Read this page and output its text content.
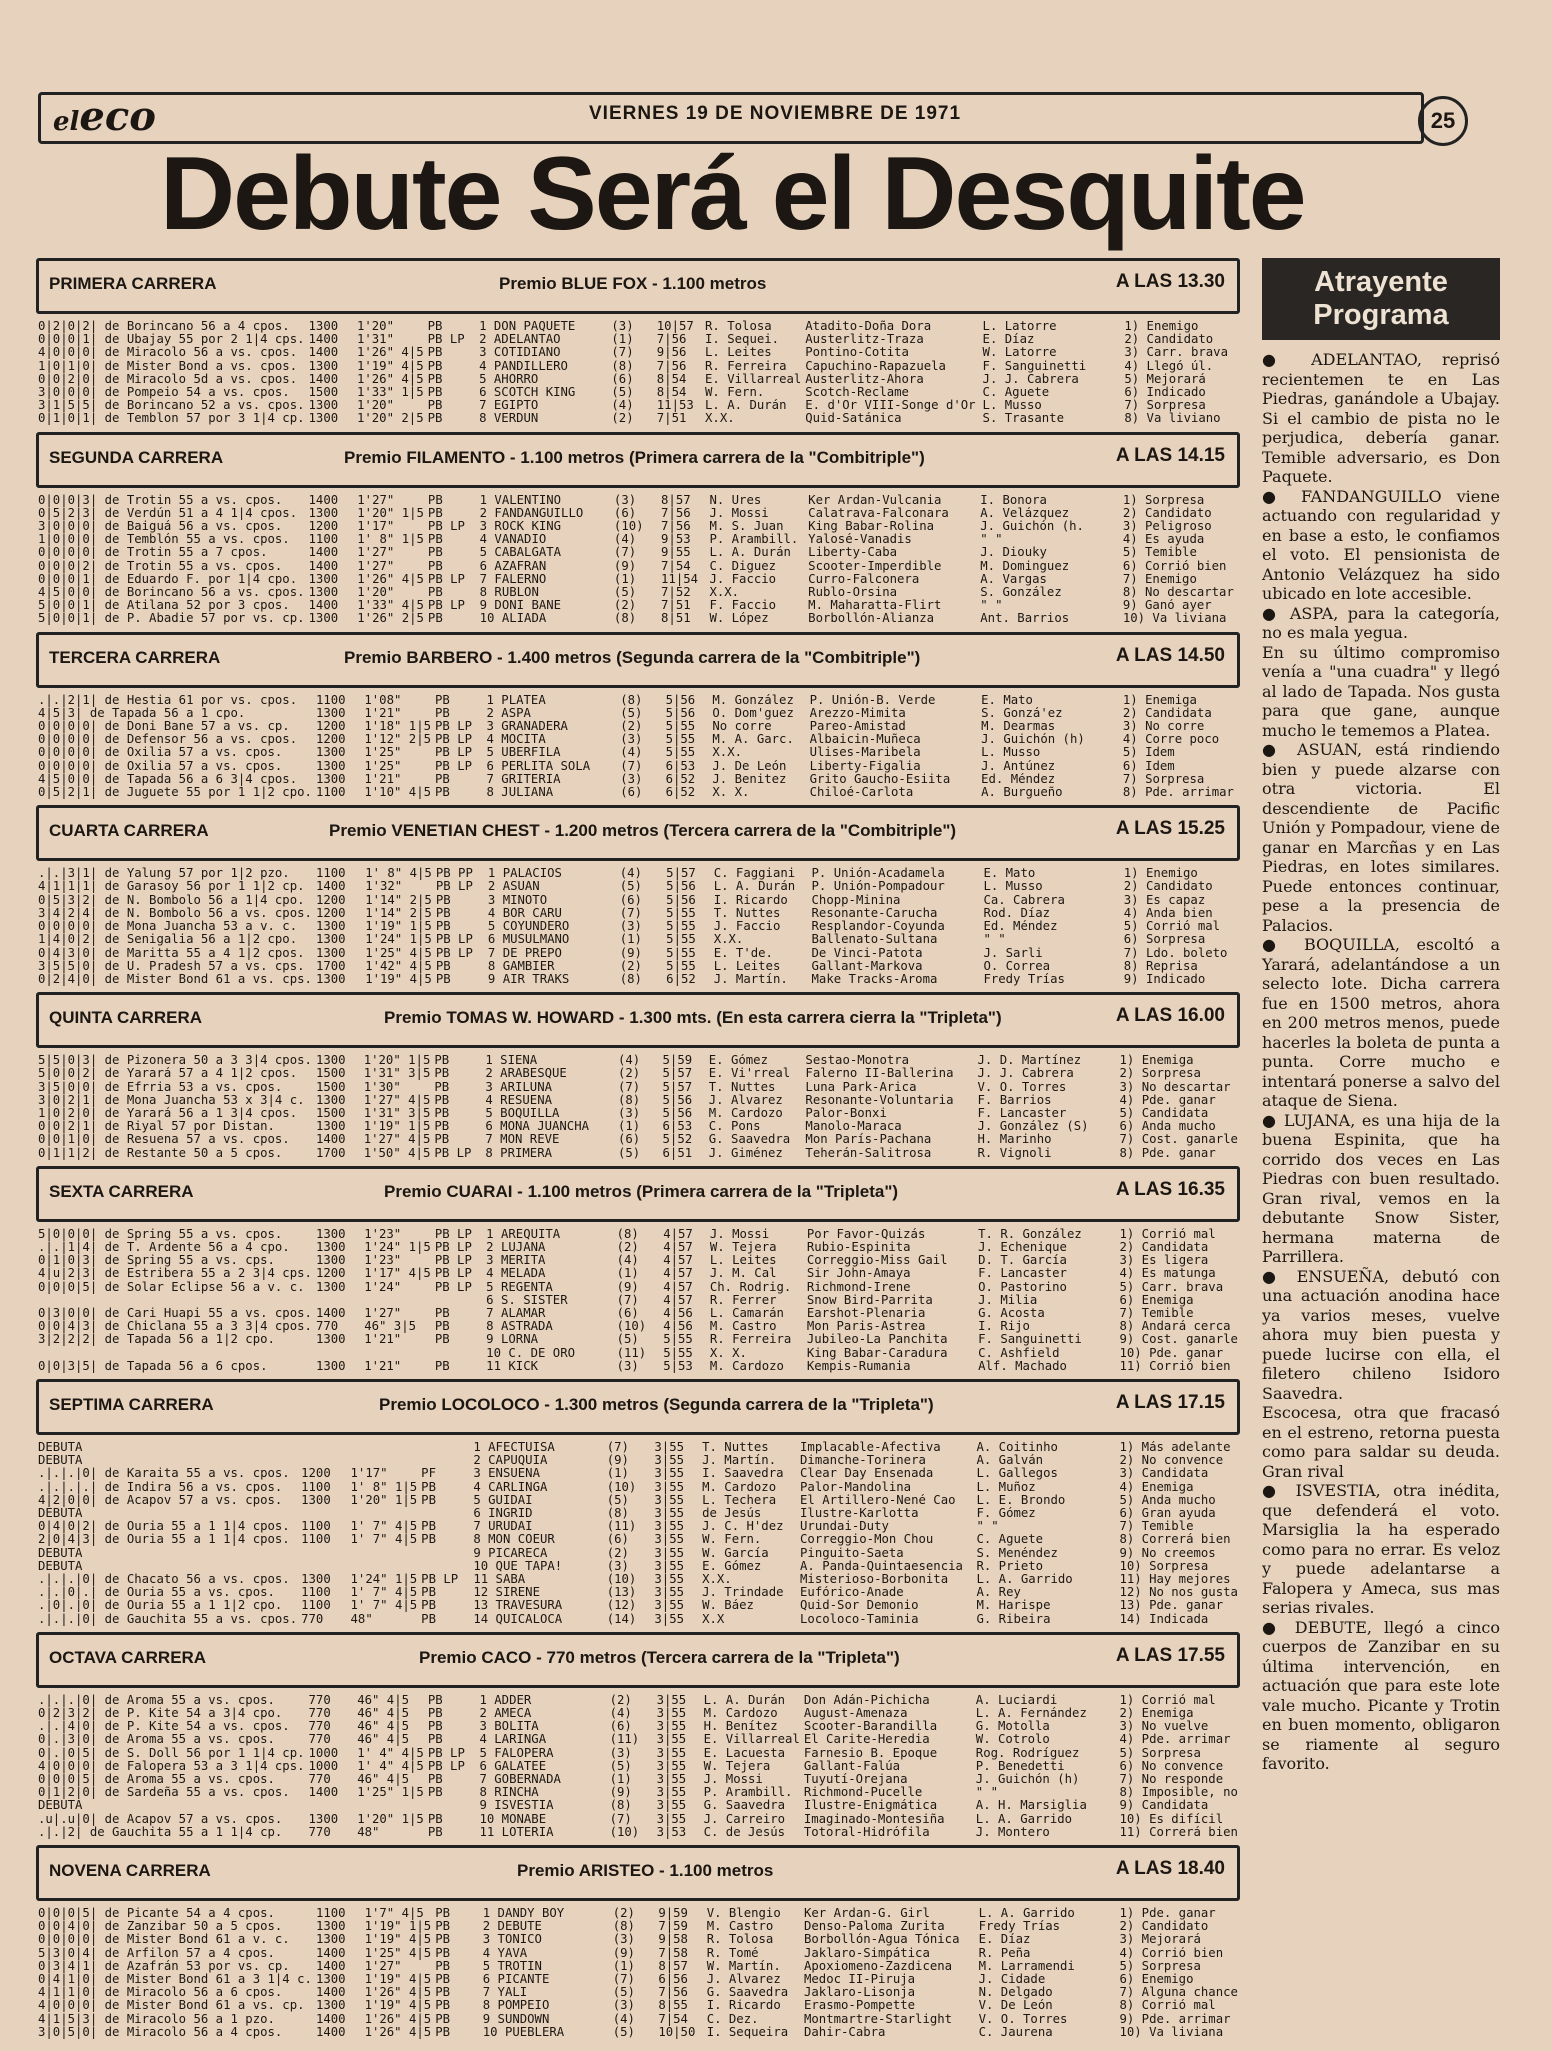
eleco	VIERNES 19 DE NOVIEMBRE DE 1971	25
Debute Será el Desquite
PRIMERA CARRERA	Premio BLUE FOX - 1.100 metros	A LAS 13.30
0|2|0|2| de Borincano 56 a 4 cpos.	1300	1'20"	PB	1 DON PAQUETE	(3)	10|57	R. Tolosa	Atadito-Doña Dora	L. Latorre	1) Enemigo
0|0|0|1| de Ubajay 55 por 2 1|4 cps.	1400	1'31"	PB LP	2 ADELANTAO	(1)	7|56	I. Sequei.	Austerlitz-Traza	E. Díaz	2) Candidato
4|0|0|0| de Miracolo 56 a vs. cpos.	1400	1'26" 4|5	PB	3 COTIDIANO	(7)	9|56	L. Leites	Pontino-Cotita	W. Latorre	3) Carr. brava
1|0|1|0| de Mister Bond a vs. cpos.	1300	1'19" 4|5	PB	4 PANDILLERO	(8)	7|56	R. Ferreira	Capuchino-Rapazuela	F. Sanguinetti	4) Llegó úl.
0|0|2|0| de Miracolo 5d a vs. cpos.	1400	1'26" 4|5	PB	5 AHORRO	(6)	8|54	E. Villarreal	Austerlitz-Ahora	J. J. Cabrera	5) Mejorará
3|0|0|0| de Pompeio 54 a vs. cpos.	1500	1'33" 1|5	PB	6 SCOTCH KING	(5)	8|54	W. Fern.	Scotch-Reclame	C. Aguete	6) Indicado
3|1|5|5| de Borincano 52 a vs. cpos.	1300	1'20"	PB	7 EGIPTO	(4)	11|53	L. A. Durán	E. d'Or VIII-Songe d'Or	L. Musso	7) Sorpresa
0|1|0|1| de Temblon 57 por 3 1|4 cp.	1300	1'20" 2|5	PB	8 VERDUN	(2)	7|51	X.X.	Quid-Satánica	S. Trasante	8) Va liviano
SEGUNDA CARRERA	Premio FILAMENTO - 1.100 metros (Primera carrera de la "Combitriple")	A LAS 14.15
0|0|0|3| de Trotin 55 a vs. cpos.	1400	1'27"	PB	1 VALENTINO	(3)	8|57	N. Ures	Ker Ardan-Vulcania	I. Bonora	1) Sorpresa
0|5|2|3| de Verdún 51 a 4 1|4 cpos.	1300	1'20" 1|5	PB	2 FANDANGUILLO	(6)	7|56	J. Mossi	Calatrava-Falconara	A. Velázquez	2) Candidato
3|0|0|0| de Baiguá 56 a vs. cpos.	1200	1'17"	PB LP	3 ROCK KING	(10)	7|56	M. S. Juan	King Babar-Rolina	J. Guichón (h.	3) Peligroso
1|0|0|0| de Temblón 55 a vs. cpos.	1100	1' 8" 1|5	PB	4 VANADIO	(4)	9|53	P. Arambill.	Yalosé-Vanadis	" "	4) Es ayuda
0|0|0|0| de Trotin 55 a 7 cpos.	1400	1'27"	PB	5 CABALGATA	(7)	9|55	L. A. Durán	Liberty-Caba	J. Diouky	5) Temible
0|0|0|2| de Trotin 55 a vs. cpos.	1400	1'27"	PB	6 AZAFRAN	(9)	7|54	C. Diguez	Scooter-Imperdible	M. Dominguez	6) Corrió bien
0|0|0|1| de Eduardo F. por 1|4 cpo.	1300	1'26" 4|5	PB LP	7 FALERNO	(1)	11|54	J. Faccio	Curro-Falconera	A. Vargas	7) Enemigo
4|5|0|0| de Borincano 56 a vs. cpos.	1300	1'20"	PB	8 RUBLON	(5)	7|52	X.X.	Rublo-Orsina	S. González	8) No descartar
5|0|0|1| de Atilana 52 por 3 cpos.	1400	1'33" 4|5	PB LP	9 DONI BANE	(2)	7|51	F. Faccio	M. Maharatta-Flirt	" "	9) Ganó ayer
5|0|0|1| de P. Abadie 57 por vs. cp.	1300	1'26" 2|5	PB	10 ALIADA	(8)	8|51	W. López	Borbollón-Alianza	Ant. Barrios	10) Va liviana
TERCERA CARRERA	Premio BARBERO - 1.400 metros (Segunda carrera de la "Combitriple")	A LAS 14.50
.|.|2|1| de Hestia 61 por vs. cpos.	1100	1'08"	PB	1 PLATEA	(8)	5|56	M. González	P. Unión-B. Verde	E. Mato	1) Enemiga
4|5|3| de Tapada 56 a 1 cpo.	1300	1'21"	PB	2 ASPA	(5)	5|56	O. Dom'guez	Arezzo-Mimita	S. Gonzá'ez	2) Candidata
0|0|0|0| de Doni Bane 57 a vs. cp.	1200	1'18" 1|5	PB LP	3 GRANADERA	(2)	5|55	No corre	Pareo-Amistad	M. Dearmas	3) No corre
0|0|0|0| de Defensor 56 a vs. cpos.	1200	1'12" 2|5	PB LP	4 MOCITA	(3)	5|55	M. A. Garc.	Albaicin-Muñeca	J. Guichón (h)	4) Corre poco
0|0|0|0| de Oxilia 57 a vs. cpos.	1300	1'25"	PB LP	5 UBERFILA	(4)	5|55	X.X.	Ulises-Maribela	L. Musso	5) Idem
0|0|0|0| de Oxilia 57 a vs. cpos.	1300	1'25"	PB LP	6 PERLITA SOLA	(7)	6|53	J. De León	Liberty-Figalia	J. Antúnez	6) Idem
4|5|0|0| de Tapada 56 a 6 3|4 cpos.	1300	1'21"	PB	7 GRITERIA	(3)	6|52	J. Benitez	Grito Gaucho-Esiita	Ed. Méndez	7) Sorpresa
0|5|2|1| de Juguete 55 por 1 1|2 cpo.	1100	1'10" 4|5	PB	8 JULIANA	(6)	6|52	X. X.	Chiloé-Carlota	A. Burgueño	8) Pde. arrimar
CUARTA CARRERA	Premio VENETIAN CHEST - 1.200 metros (Tercera carrera de la "Combitriple")	A LAS 15.25
.|.|3|1| de Yalung 57 por 1|2 pzo.	1100	1' 8" 4|5	PB PP	1 PALACIOS	(4)	5|57	C. Faggiani	P. Unión-Acadamela	E. Mato	1) Enemigo
4|1|1|1| de Garasoy 56 por 1 1|2 cp.	1400	1'32"	PB LP	2 ASUAN	(5)	5|56	L. A. Durán	P. Unión-Pompadour	L. Musso	2) Candidato
0|5|3|2| de N. Bombolo 56 a 1|4 cpo.	1200	1'14" 2|5	PB	3 MINOTO	(6)	5|56	I. Ricardo	Chopp-Minina	Ca. Cabrera	3) Es capaz
3|4|2|4| de N. Bombolo 56 a vs. cpos.	1200	1'14" 2|5	PB	4 BOR CARU	(7)	5|55	T. Nuttes	Resonante-Carucha	Rod. Díaz	4) Anda bien
0|0|0|0| de Mona Juancha 53 a v. c.	1300	1'19" 1|5	PB	5 COYUNDERO	(3)	5|55	J. Faccio	Resplandor-Coyunda	Ed. Méndez	5) Corrió mal
1|4|0|2| de Senigalia 56 a 1|2 cpo.	1300	1'24" 1|5	PB LP	6 MUSULMANO	(1)	5|55	X.X.	Ballenato-Sultana	" "	6) Sorpresa
0|4|3|0| de Maritta 55 a 4 1|2 cpos.	1300	1'25" 4|5	PB LP	7 DE PREPO	(9)	5|55	E. T'de.	De Vinci-Patota	J. Sarli	7) Ldo. boleto
3|5|5|0| de U. Pradesh 57 a vs. cps.	1700	1'42" 4|5	PB	8 GAMBIER	(2)	5|55	L. Leites	Gallant-Markova	O. Correa	8) Reprisa
0|2|4|0| de Mister Bond 61 a vs. cps.	1300	1'19" 4|5	PB	9 AIR TRAKS	(8)	6|52	J. Martín.	Make Tracks-Aroma	Fredy Trías	9) Indicado
QUINTA CARRERA	Premio TOMAS W. HOWARD - 1.300 mts. (En esta carrera cierra la "Tripleta")	A LAS 16.00
5|5|0|3| de Pizonera 50 a 3 3|4 cpos.	1300	1'20" 1|5	PB	1 SIENA	(4)	5|59	E. Gómez	Sestao-Monotra	J. D. Martínez	1) Enemiga
5|0|0|2| de Yarará 57 a 4 1|2 cpos.	1500	1'31" 3|5	PB	2 ARABESQUE	(2)	5|57	E. Vi'rreal	Falerno II-Ballerina	J. J. Cabrera	2) Sorpresa
3|5|0|0| de Efrria 53 a vs. cpos.	1500	1'30"	PB	3 ARILUNA	(7)	5|57	T. Nuttes	Luna Park-Arica	V. O. Torres	3) No descartar
3|0|2|1| de Mona Juancha 53 x 3|4 c.	1300	1'27" 4|5	PB	4 RESUENA	(8)	5|56	J. Alvarez	Resonante-Voluntaria	F. Barrios	4) Pde. ganar
1|0|2|0| de Yarará 56 a 1 3|4 cpos.	1500	1'31" 3|5	PB	5 BOQUILLA	(3)	5|56	M. Cardozo	Palor-Bonxi	F. Lancaster	5) Candidata
0|0|2|1| de Riyal 57 por Distan.	1300	1'19" 1|5	PB	6 MONA JUANCHA	(1)	6|53	C. Pons	Manolo-Maraca	J. González (S)	6) Anda mucho
0|0|1|0| de Resuena 57 a vs. cpos.	1400	1'27" 4|5	PB	7 MON REVE	(6)	5|52	G. Saavedra	Mon París-Pachana	H. Marinho	7) Cost. ganarle
0|1|1|2| de Restante 50 a 5 cpos.	1700	1'50" 4|5	PB LP	8 PRIMERA	(5)	6|51	J. Giménez	Teherán-Salitrosa	R. Vignoli	8) Pde. ganar
SEXTA CARRERA	Premio CUARAI - 1.100 metros (Primera carrera de la "Tripleta")	A LAS 16.35
5|0|0|0| de Spring 55 a vs. cpos.	1300	1'23"	PB LP	1 AREQUITA	(8)	4|57	J. Mossi	Por Favor-Quizás	T. R. González	1) Corrió mal
.|.|1|4| de T. Ardente 56 a 4 cpo.	1300	1'24" 1|5	PB LP	2 LUJANA	(2)	4|57	W. Tejera	Rubio-Espinita	J. Echenique	2) Candidata
0|1|0|3| de Spring 55 a vs. cps.	1300	1'23"	PB LP	3 MERITA	(4)	4|57	L. Leites	Correggio-Miss Gail	D. T. García	3) Es ligera
4|u|2|3| de Estribera 55 a 2 3|4 cps.	1200	1'17" 4|5	PB LP	4 MELADA	(1)	4|57	J. M. Cal	Sir John-Amaya	F. Lancaster	4) Es matunga
0|0|0|5| de Solar Eclipse 56 a v. c.	1300	1'24"	PB LP	5 REGENTA	(9)	4|57	Ch. Rodrig.	Richmond-Irene	O. Pastorino	5) Carr. brava
				6 S. SISTER	(7)	4|57	R. Ferrer	Snow Bird-Parrita	J. Milia	6) Enemiga
0|3|0|0| de Cari Huapi 55 a vs. cpos.	1400	1'27"	PB	7 ALAMAR	(6)	4|56	L. Camarán	Earshot-Plenaria	G. Acosta	7) Temible
0|0|4|3| de Chiclana 55 a 3 3|4 cpos.	770	46" 3|5	PB	8 ASTRADA	(10)	4|56	M. Castro	Mon Paris-Astrea	I. Rijo	8) Andará cerca
3|2|2|2| de Tapada 56 a 1|2 cpo.	1300	1'21"	PB	9 LORNA	(5)	5|55	R. Ferreira	Jubileo-La Panchita	F. Sanguinetti	9) Cost. ganarle
				10 C. DE ORO	(11)	5|55	X. X.	King Babar-Caradura	C. Ashfield	10) Pde. ganar
0|0|3|5| de Tapada 56 a 6 cpos.	1300	1'21"	PB	11 KICK	(3)	5|53	M. Cardozo	Kempis-Rumania	Alf. Machado	11) Corrió bien
SEPTIMA CARRERA	Premio LOCOLOCO - 1.300 metros (Segunda carrera de la "Tripleta")	A LAS 17.15
DEBUTA				1 AFECTUISA	(7)	3|55	T. Nuttes	Implacable-Afectiva	A. Coitinho	1) Más adelante
DEBUTA				2 CAPUQUIA	(9)	3|55	J. Martín.	Dimanche-Torinera	A. Galván	2) No convence
.|.|.|0| de Karaita 55 a vs. cpos.	1200	1'17"	PF	3 ENSUEÑA	(1)	3|55	I. Saavedra	Clear Day Ensenada	L. Gallegos	3) Candidata
.|.|.|.| de Indira 56 a vs. cpos.	1100	1' 8" 1|5	PB	4 CARLINGA	(10)	3|55	M. Cardozo	Palor-Mandolina	L. Muñoz	4) Enemiga
4|2|0|0| de Acapov 57 a vs. cpos.	1300	1'20" 1|5	PB	5 GUIDAI	(5)	3|55	L. Techera	El Artillero-Nené Cao	L. E. Brondo	5) Anda mucho
DEBUTA				6 INGRID	(8)	3|55	de Jesús	Ilustre-Karlotta	F. Gómez	6) Gran ayuda
0|4|0|2| de Ouria 55 a 1 1|4 cpos.	1100	1' 7" 4|5	PB	7 URUDAI	(11)	3|55	J. C. H'dez	Urundai-Duty	" "	7) Temible
2|0|4|3| de Ouria 55 a 1 1|4 cpos.	1100	1' 7" 4|5	PB	8 MON COEUR	(6)	3|55	W. Fern.	Correggio-Mon Chou	C. Aguete	8) Correrá bien
DEBUTA				9 PICARECA	(2)	3|55	W. García	Pinguito-Saeta	S. Menéndez	9) No creemos
DEBUTA				10 QUE TAPA!	(3)	3|55	E. Gómez	A. Panda-Quintaesencia	R. Prieto	10) Sorpresa
.|.|.|0| de Chacato 56 a vs. cpos.	1300	1'24" 1|5	PB LP	11 SABA	(10)	3|55	X.X.	Misterioso-Borbonita	L. A. Garrido	11) Hay mejores
.|.|0|.| de Ouria 55 a vs. cpos.	1100	1' 7" 4|5	PB	12 SIRENE	(13)	3|55	J. Trindade	Eufórico-Anade	A. Rey	12) No nos gusta
.|0|.|0| de Ouria 55 a 1 1|2 cpo.	1100	1' 7" 4|5	PB	13 TRAVESURA	(12)	3|55	W. Báez	Quid-Sor Demonio	M. Harispe	13) Pde. ganar
.|.|.|0| de Gauchita 55 a vs. cpos.	770	48"	PB	14 QUICALOCA	(14)	3|55	X.X	Locoloco-Taminia	G. Ribeira	14) Indicada
OCTAVA CARRERA	Premio CACO - 770 metros (Tercera carrera de la "Tripleta")	A LAS 17.55
.|.|.|0| de Aroma 55 a vs. cpos.	770	46" 4|5	PB	1 ADDER	(2)	3|55	L. A. Durán	Don Adán-Pichicha	A. Luciardi	1) Corrió mal
0|2|3|2| de P. Kite 54 a 3|4 cpo.	770	46" 4|5	PB	2 AMECA	(4)	3|55	M. Cardozo	August-Amenaza	L. A. Fernández	2) Enemiga
.|.|4|0| de P. Kite 54 a vs. cpos.	770	46" 4|5	PB	3 BOLITA	(6)	3|55	H. Benítez	Scooter-Barandilla	G. Motolla	3) No vuelve
0|.|3|0| de Aroma 55 a vs. cpos.	770	46" 4|5	PB	4 LARINGA	(11)	3|55	E. Villarreal	El Carite-Heredia	W. Cotrolo	4) Pde. arrimar
0|.|0|5| de S. Doll 56 por 1 1|4 cp.	1000	1' 4" 4|5	PB LP	5 FALOPERA	(3)	3|55	E. Lacuesta	Farnesio B. Epoque	Rog. Rodríguez	5) Sorpresa
4|0|0|0| de Falopera 53 a 3 1|4 cps.	1000	1' 4" 4|5	PB LP	6 GALATEE	(5)	3|55	W. Tejera	Gallant-Falúa	P. Benedetti	6) No convence
0|0|0|5| de Aroma 55 a vs. cpos.	770	46" 4|5	PB	7 GOBERNADA	(1)	3|55	J. Mossi	Tuyutí-Orejana	J. Guichón (h)	7) No responde
0|1|2|0| de Sardeña 55 a vs. cpos.	1400	1'25" 1|5	PB	8 RINCHA	(9)	3|55	P. Arambill.	Richmond-Pucelle	" "	8) Imposible, no
DEBUTA				9 ISVESTIA	(8)	3|55	G. Saavedra	Ilustre-Enigmática	A. H. Marsiglia	9) Candidata
.u|.u|0| de Acapov 57 a vs. cpos.	1300	1'20" 1|5	PB	10 MONABE	(7)	3|55	J. Carreiro	Imaginado-Montesiña	L. A. Garrido	10) Es difícil
.|.|2| de Gauchita 55 a 1 1|4 cp.	770	48"	PB	11 LOTERIA	(10)	3|53	C. de Jesús	Totoral-Hidrófila	J. Montero	11) Correrá bien
NOVENA CARRERA	Premio ARISTEO - 1.100 metros	A LAS 18.40
0|0|0|5| de Picante 54 a 4 cpos.	1100	1'7" 4|5	PB	1 DANDY BOY	(2)	9|59	V. Blengio	Ker Ardan-G. Girl	L. A. Garrido	1) Pde. ganar
0|0|4|0| de Zanzibar 50 a 5 cpos.	1300	1'19" 1|5	PB	2 DEBUTE	(8)	7|59	M. Castro	Denso-Paloma Zurita	Fredy Trías	2) Candidato
0|0|0|0| de Mister Bond 61 a v. c.	1300	1'19" 4|5	PB	3 TONICO	(3)	9|58	R. Tolosa	Borbollón-Agua Tónica	E. Díaz	3) Mejorará
5|3|0|4| de Arfilon 57 a 4 cpos.	1400	1'25" 4|5	PB	4 YAVA	(9)	7|58	R. Tomé	Jaklaro-Simpática	R. Peña	4) Corrió bien
0|3|4|1| de Azafrán 53 por vs. cp.	1400	1'27"	PB	5 TROTIN	(1)	8|57	W. Martín.	Apoxiomeno-Zazdicena	M. Larramendi	5) Sorpresa
0|4|1|0| de Mister Bond 61 a 3 1|4 c.	1300	1'19" 4|5	PB	6 PICANTE	(7)	6|56	J. Alvarez	Medoc II-Piruja	J. Cidade	6) Enemigo
4|1|1|0| de Miracolo 56 a 6 cpos.	1400	1'26" 4|5	PB	7 YALI	(5)	7|56	G. Saavedra	Jaklaro-Lisonja	N. Delgado	7) Alguna chance
4|0|0|0| de Mister Bond 61 a vs. cp.	1300	1'19" 4|5	PB	8 POMPEIO	(3)	8|55	I. Ricardo	Erasmo-Pompette	V. De León	8) Corrió mal
4|1|5|3| de Miracolo 56 a 1 pzo.	1400	1'26" 4|5	PB	9 SUNDOWN	(4)	7|54	C. Dez.	Montmartre-Starlight	V. O. Torres	9) Pde. arrimar
3|0|5|0| de Miracolo 56 a 4 cpos.	1400	1'26" 4|5	PB	10 PUEBLERA	(5)	10|50	I. Sequeira	Dahir-Cabra	C. Jaurena	10) Va liviana
Atrayente
Programa

● ADELANTAO, reprisó recientemen te en Las Piedras, ganándole a Ubajay. Si el cambio de pista no le perjudica, debería ganar. Temible adversario, es Don Paquete.

● FANDANGUILLO viene actuando con regularidad y en base a esto, le confiamos el voto. El pensionista de Antonio Velázquez ha sido ubicado en lote accesible.

● ASPA, para la categoría, no es mala yegua.

En su último compromiso venía a "una cuadra" y llegó al lado de Tapada. Nos gusta para que gane, aunque mucho le tememos a Platea.

● ASUAN, está rindiendo bien y puede alzarse con otra victoria. El descendiente de Pacific Unión y Pompadour, viene de ganar en Marcñas y en Las Piedras, en lotes similares. Puede entonces continuar, pese a la presencia de Palacios.

● BOQUILLA, escoltó a Yarará, adelantándose a un selecto lote. Dicha carrera fue en 1500 metros, ahora en 200 metros menos, puede hacerles la boleta de punta a punta. Corre mucho e intentará ponerse a salvo del ataque de Siena.

● LUJANA, es una hija de la buena Espinita, que ha corrido dos veces en Las Piedras con buen resultado. Gran rival, vemos en la debutante Snow Sister, hermana materna de Parrillera.

● ENSUEÑA, debutó con una actuación anodina hace ya varios meses, vuelve ahora muy bien puesta y puede lucirse con ella, el filetero chileno Isidoro Saavedra.

Escocesa, otra que fracasó en el estreno, retorna puesta como para saldar su deuda. Gran rival

● ISVESTIA, otra inédita, que defenderá el voto. Marsiglia la ha esperado como para no errar. Es veloz y puede adelantarse a Falopera y Ameca, sus mas serias rivales.

● DEBUTE, llegó a cinco cuerpos de Zanzibar en su última intervención, en actuación que para este lote vale mucho. Picante y Trotin en buen momento, obligaron se riamente al seguro favorito.
